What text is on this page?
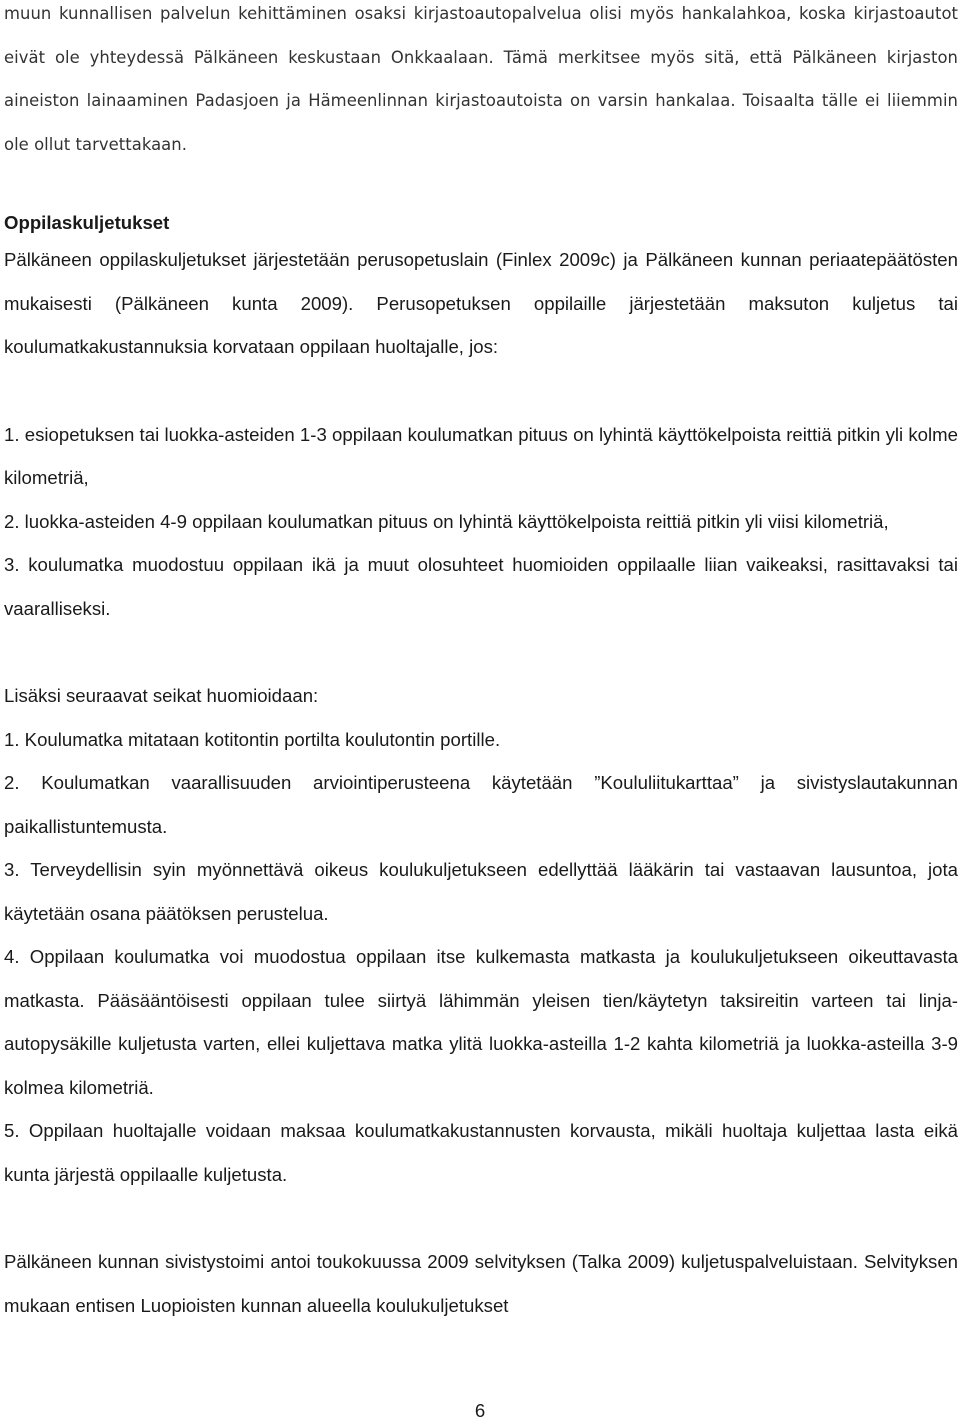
muun kunnallisen palvelun kehittäminen osaksi kirjastoautopalvelua olisi myös hankalahkoa, koska kirjastoautot eivät ole yhteydessä Pälkäneen keskustaan Onkkaalaan. Tämä merkitsee myös sitä, että Pälkäneen kirjaston aineiston lainaaminen Padasjoen ja Hämeenlinnan kirjastoautoista on varsin hankalaa. Toisaalta tälle ei liiemmin ole ollut tarvettakaan.

Oppilaskuljetukset

Pälkäneen oppilaskuljetukset järjestetään perusopetuslain (Finlex 2009c) ja Pälkäneen kunnan periaatepäätösten mukaisesti (Pälkäneen kunta 2009). Perusopetuksen oppilaille järjestetään maksuton kuljetus tai koulumatkakustannuksia korvataan oppilaan huoltajalle, jos:

1. esiopetuksen tai luokka-asteiden 1-3 oppilaan koulumatkan pituus on lyhintä käyttökelpoista reittiä pitkin yli kolme kilometriä,

2. luokka-asteiden 4-9 oppilaan koulumatkan pituus on lyhintä käyttökelpoista reittiä pitkin yli viisi kilometriä,

3. koulumatka muodostuu oppilaan ikä ja muut olosuhteet huomioiden oppilaalle liian vaikeaksi, rasittavaksi tai vaaralliseksi.

Lisäksi seuraavat seikat huomioidaan:

1. Koulumatka mitataan kotitontin portilta koulutontin portille.

2. Koulumatkan vaarallisuuden arviointiperusteena käytetään ”Koululiitukarttaa” ja sivistyslautakunnan paikallistuntemusta.

3. Terveydellisin syin myönnettävä oikeus koulukuljetukseen edellyttää lääkärin tai vastaavan lausuntoa, jota käytetään osana päätöksen perustelua.

4. Oppilaan koulumatka voi muodostua oppilaan itse kulkemasta matkasta ja koulukuljetukseen oikeuttavasta matkasta. Pääsääntöisesti oppilaan tulee siirtyä lähimmän yleisen tien/käytetyn taksireitin varteen tai linja-autopysäkille kuljetusta varten, ellei kuljettava matka ylitä luokka-asteilla 1-2 kahta kilometriä ja luokka-asteilla 3-9 kolmea kilometriä.

5. Oppilaan huoltajalle voidaan maksaa koulumatkakustannusten korvausta, mikäli huoltaja kuljettaa lasta eikä kunta järjestä oppilaalle kuljetusta.

Pälkäneen kunnan sivistystoimi antoi toukokuussa 2009 selvityksen (Talka 2009) kuljetuspalveluistaan. Selvityksen mukaan entisen Luopioisten kunnan alueella koulukuljetukset

6
